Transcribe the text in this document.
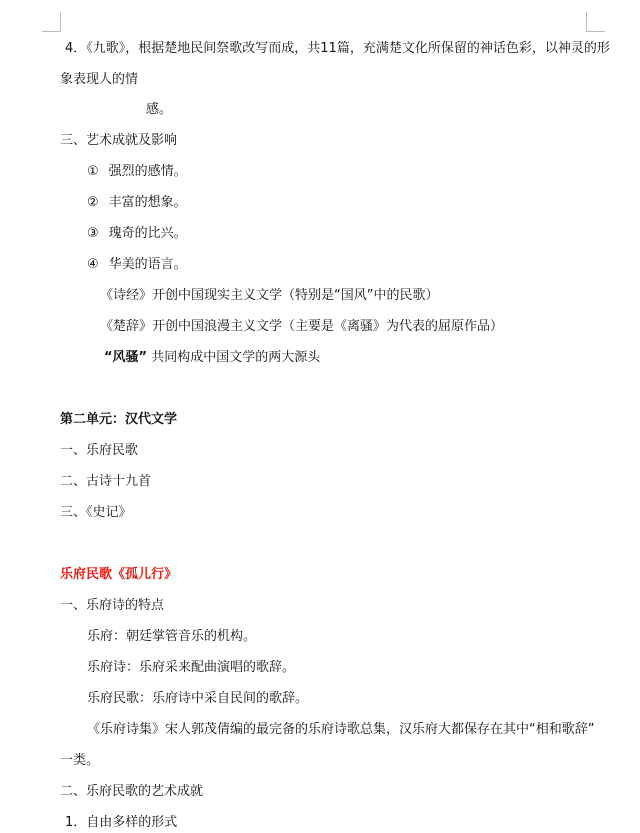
4．《九歌》，根据楚地民间祭歌改写而成，共11篇，充满楚文化所保留的神话色彩，以神灵的形
象表现人的情
感。
三、艺术成就及影响
① 强烈的感情。
② 丰富的想象。
③ 瑰奇的比兴。
④ 华美的语言。
《诗经》开创中国现实主义文学（特别是“国风”中的民歌）
《楚辞》开创中国浪漫主义文学（主要是《离骚》为代表的屈原作品）
“风骚” 共同构成中国文学的两大源头
第二单元：汉代文学
一、乐府民歌
二、古诗十九首
三、《史记》
乐府民歌《孤儿行》
一、乐府诗的特点
乐府：朝廷掌管音乐的机构。
乐府诗：乐府采来配曲演唱的歌辞。
乐府民歌：乐府诗中采自民间的歌辞。
《乐府诗集》宋人郭茂倩编的最完备的乐府诗歌总集，汉乐府大都保存在其中“相和歌辞”
一类。
二、乐府民歌的艺术成就
1．自由多样的形式
